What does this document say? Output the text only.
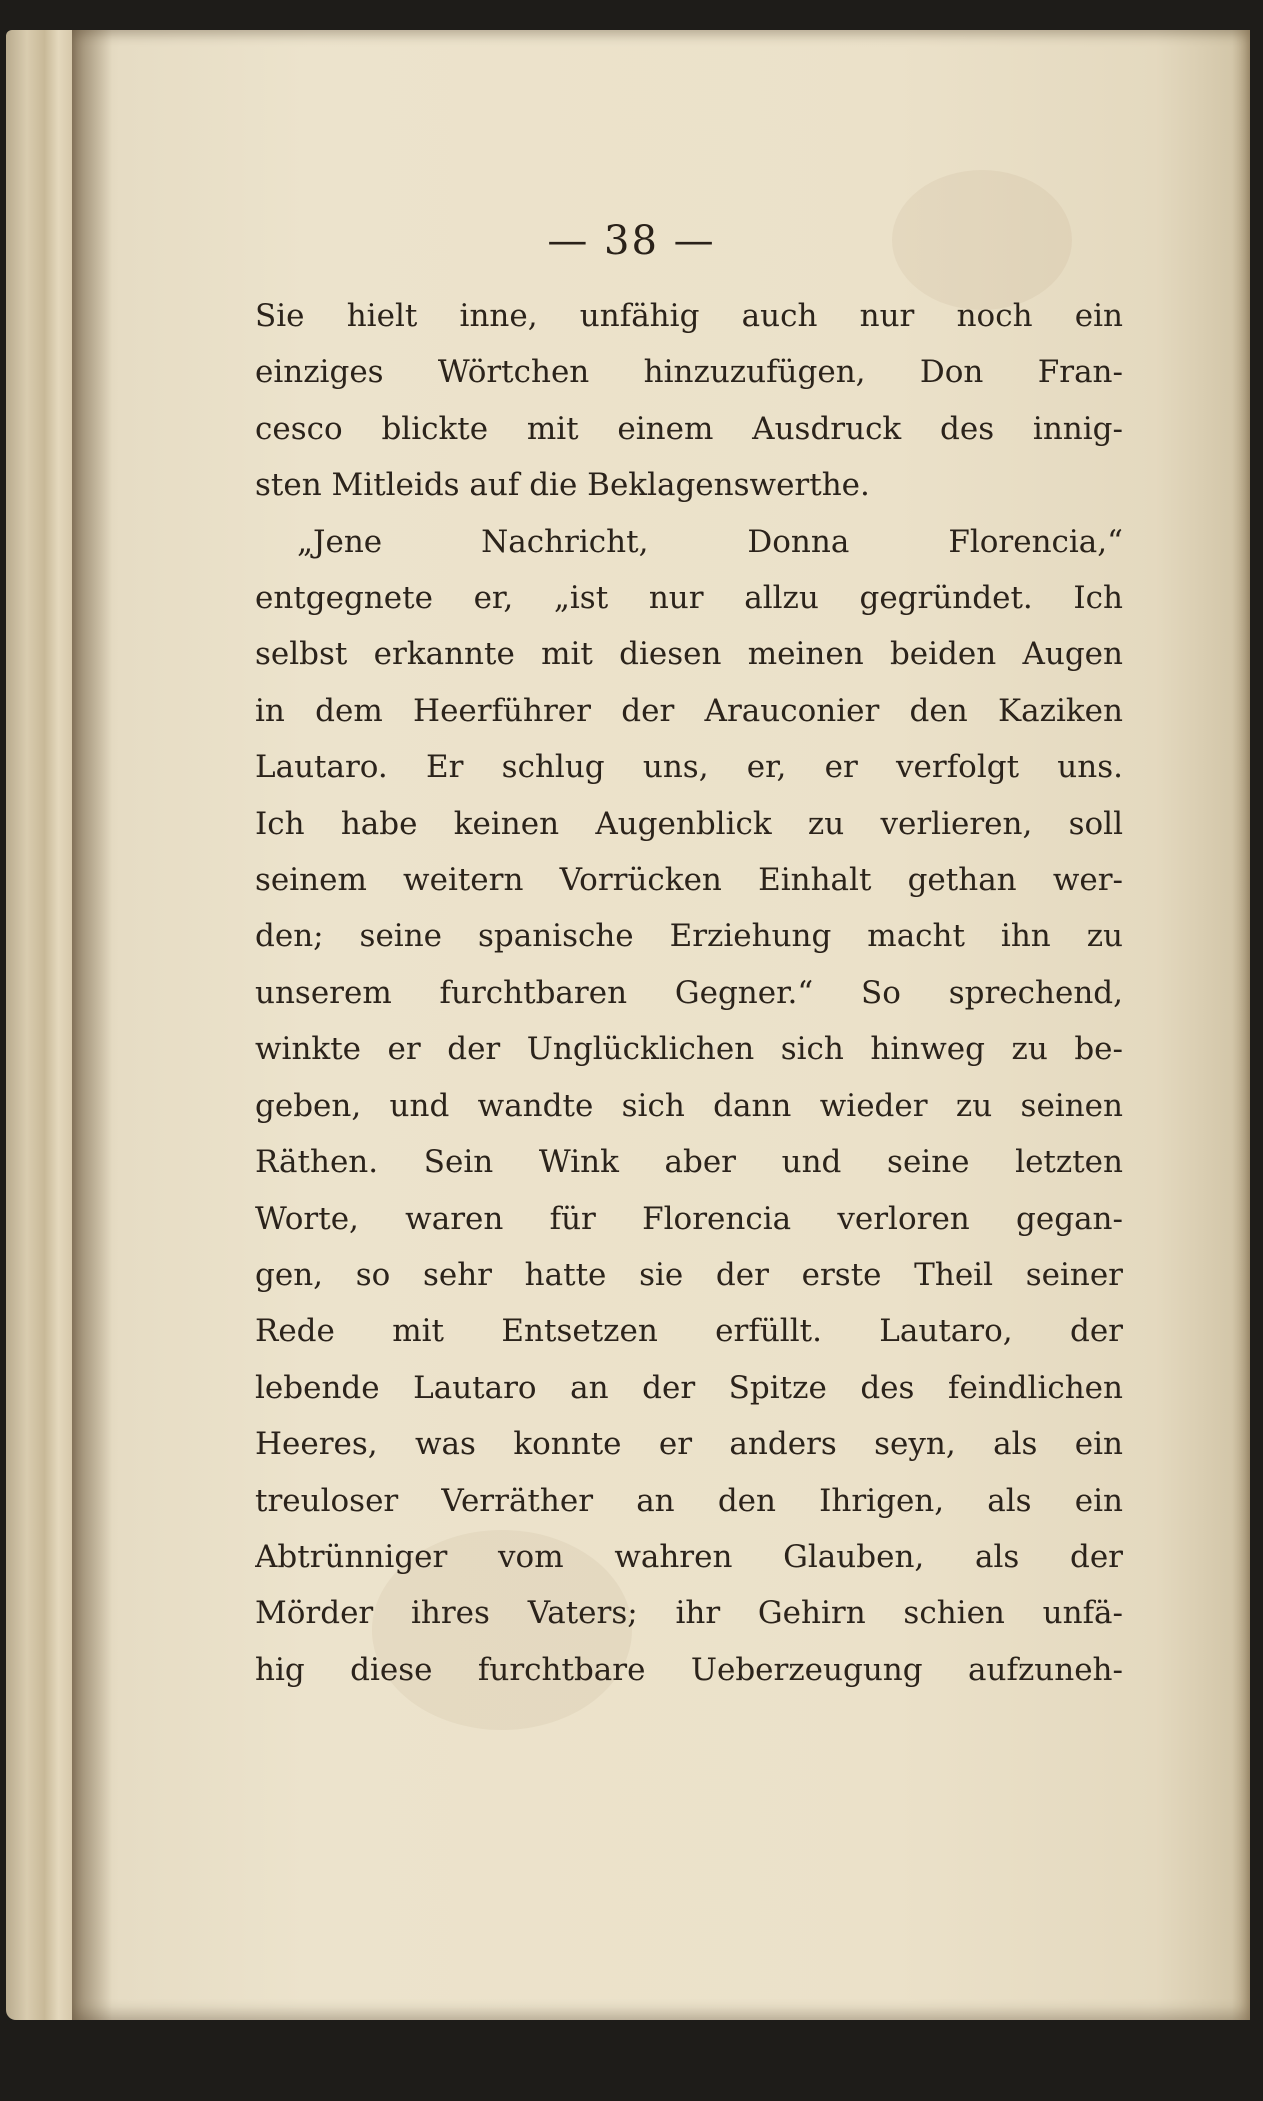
— 38 —
Sie hielt inne, unfähig auch nur noch ein
einziges Wörtchen hinzuzufügen, Don Fran-
cesco blickte mit einem Ausdruck des innig-
sten Mitleids auf die Beklagenswerthe.
„Jene Nachricht, Donna Florencia,“
entgegnete er, „ist nur allzu gegründet. Ich
selbst erkannte mit diesen meinen beiden Augen
in dem Heerführer der Arauconier den Kaziken
Lautaro. Er schlug uns, er, er verfolgt uns.
Ich habe keinen Augenblick zu verlieren, soll
seinem weitern Vorrücken Einhalt gethan wer-
den; seine spanische Erziehung macht ihn zu
unserem furchtbaren Gegner.“ So sprechend,
winkte er der Unglücklichen sich hinweg zu be-
geben, und wandte sich dann wieder zu seinen
Räthen. Sein Wink aber und seine letzten
Worte, waren für Florencia verloren gegan-
gen, so sehr hatte sie der erste Theil seiner
Rede mit Entsetzen erfüllt. Lautaro, der
lebende Lautaro an der Spitze des feindlichen
Heeres, was konnte er anders seyn, als ein
treuloser Verräther an den Ihrigen, als ein
Abtrünniger vom wahren Glauben, als der
Mörder ihres Vaters; ihr Gehirn schien unfä-
hig diese furchtbare Ueberzeugung aufzuneh-
